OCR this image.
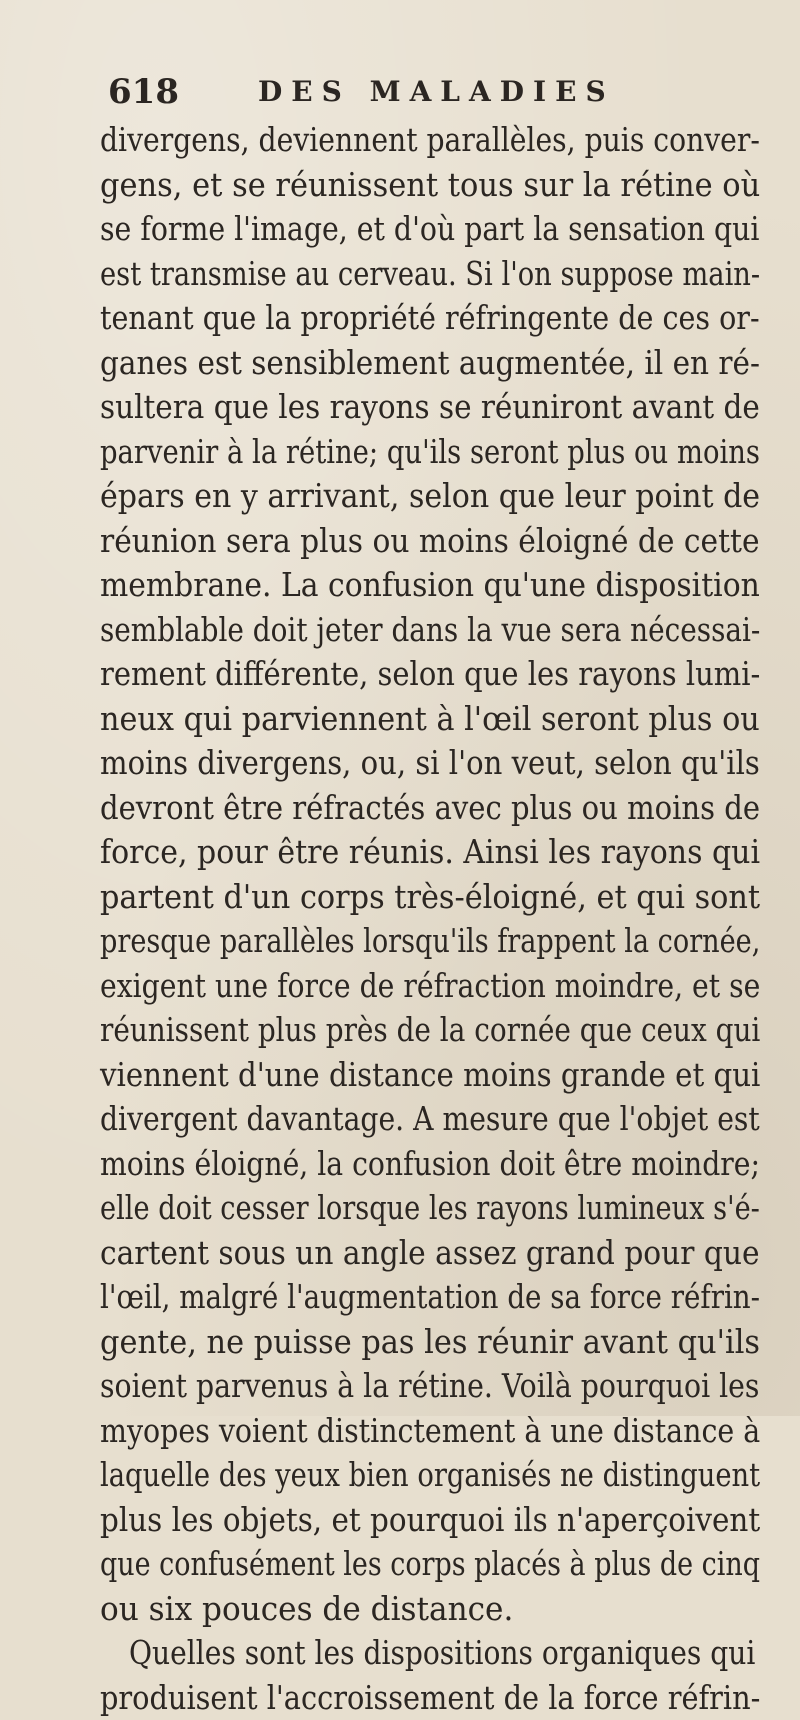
618	DES MALADIES
divergens, deviennent parallèles, puis conver-
gens, et se réunissent tous sur la rétine où
se forme l'image, et d'où part la sensation qui
est transmise au cerveau. Si l'on suppose main-
tenant que la propriété réfringente de ces or-
ganes est sensiblement augmentée, il en ré-
sultera que les rayons se réuniront avant de
parvenir à la rétine; qu'ils seront plus ou moins
épars en y arrivant, selon que leur point de
réunion sera plus ou moins éloigné de cette
membrane. La confusion qu'une disposition
semblable doit jeter dans la vue sera nécessai-
rement différente, selon que les rayons lumi-
neux qui parviennent à l'œil seront plus ou
moins divergens, ou, si l'on veut, selon qu'ils
devront être réfractés avec plus ou moins de
force, pour être réunis. Ainsi les rayons qui
partent d'un corps très-éloigné, et qui sont
presque parallèles lorsqu'ils frappent la cornée,
exigent une force de réfraction moindre, et se
réunissent plus près de la cornée que ceux qui
viennent d'une distance moins grande et qui
divergent davantage. A mesure que l'objet est
moins éloigné, la confusion doit être moindre;
elle doit cesser lorsque les rayons lumineux s'é-
cartent sous un angle assez grand pour que
l'œil, malgré l'augmentation de sa force réfrin-
gente, ne puisse pas les réunir avant qu'ils
soient parvenus à la rétine. Voilà pourquoi les
myopes voient distinctement à une distance à
laquelle des yeux bien organisés ne distinguent
plus les objets, et pourquoi ils n'aperçoivent
que confusément les corps placés à plus de cinq
ou six pouces de distance.
Quelles sont les dispositions organiques qui
produisent l'accroissement de la force réfrin-
